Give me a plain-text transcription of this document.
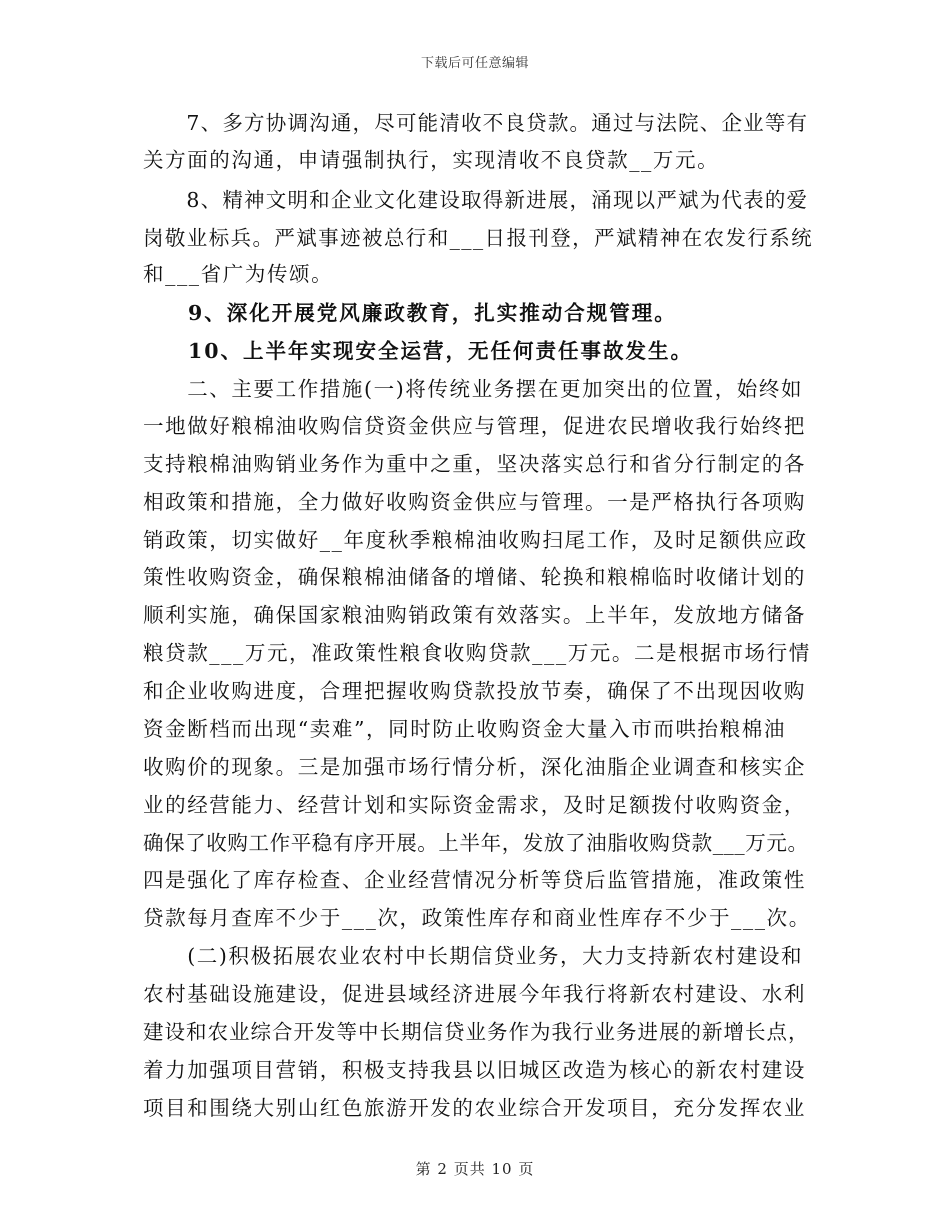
下载后可任意编辑
　　7、多方协调沟通，尽可能清收不良贷款。通过与法院、企业等有
关方面的沟通，申请强制执行，实现清收不良贷款__万元。
　　8、精神文明和企业文化建设取得新进展，涌现以严斌为代表的爱
岗敬业标兵。严斌事迹被总行和___日报刊登，严斌精神在农发行系统
和___省广为传颂。
　　9、深化开展党风廉政教育，扎实推动合规管理。
　　10、上半年实现安全运营，无任何责任事故发生。
　　二、主要工作措施(一)将传统业务摆在更加突出的位置，始终如
一地做好粮棉油收购信贷资金供应与管理，促进农民增收我行始终把
支持粮棉油购销业务作为重中之重，坚决落实总行和省分行制定的各
相政策和措施，全力做好收购资金供应与管理。一是严格执行各项购
销政策，切实做好__年度秋季粮棉油收购扫尾工作，及时足额供应政
策性收购资金，确保粮棉油储备的增储、轮换和粮棉临时收储计划的
顺利实施，确保国家粮油购销政策有效落实。上半年，发放地方储备
粮贷款___万元，准政策性粮食收购贷款___万元。二是根据市场行情
和企业收购进度，合理把握收购贷款投放节奏，确保了不出现因收购
资金断档而出现“卖难”，同时防止收购资金大量入市而哄抬粮棉油
收购价的现象。三是加强市场行情分析，深化油脂企业调查和核实企
业的经营能力、经营计划和实际资金需求，及时足额拨付收购资金，
确保了收购工作平稳有序开展。上半年，发放了油脂收购贷款___万元。
四是强化了库存检查、企业经营情况分析等贷后监管措施，准政策性
贷款每月查库不少于___次，政策性库存和商业性库存不少于___次。
　　(二)积极拓展农业农村中长期信贷业务，大力支持新农村建设和
农村基础设施建设，促进县域经济进展今年我行将新农村建设、水利
建设和农业综合开发等中长期信贷业务作为我行业务进展的新增长点，
着力加强项目营销，积极支持我县以旧城区改造为核心的新农村建设
项目和围绕大别山红色旅游开发的农业综合开发项目，充分发挥农业
第 2 页共 10 页
